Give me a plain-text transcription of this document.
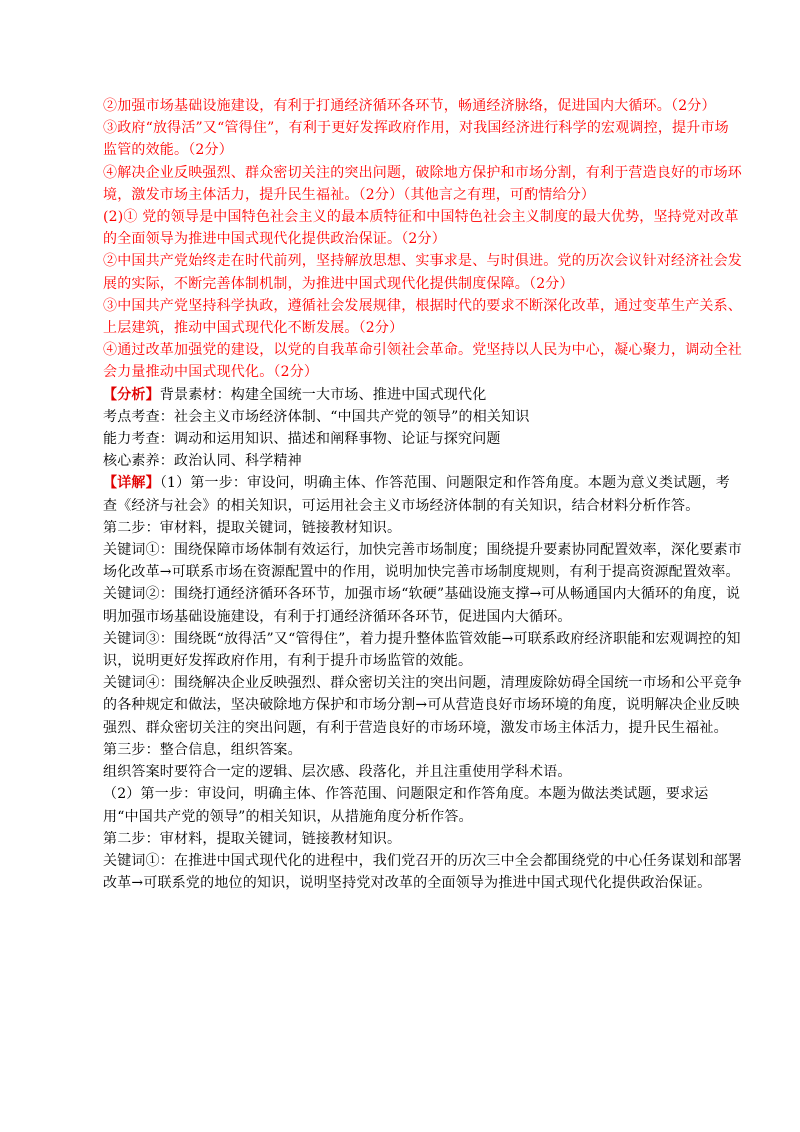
②加强市场基础设施建设，有利于打通经济循环各环节，畅通经济脉络，促进国内大循环。（2分）

③政府“放得活”又“管得住”，有利于更好发挥政府作用，对我国经济进行科学的宏观调控，提升市场监管的效能。（2分）

④解决企业反映强烈、群众密切关注的突出问题，破除地方保护和市场分割，有利于营造良好的市场环境，激发市场主体活力，提升民生福祉。（2分）（其他言之有理，可酌情给分）

(2)① 党的领导是中国特色社会主义的最本质特征和中国特色社会主义制度的最大优势，坚持党对改革的全面领导为推进中国式现代化提供政治保证。（2分）

②中国共产党始终走在时代前列，坚持解放思想、实事求是、与时俱进。党的历次会议针对经济社会发展的实际，不断完善体制机制，为推进中国式现代化提供制度保障。（2分）

③中国共产党坚持科学执政，遵循社会发展规律，根据时代的要求不断深化改革，通过变革生产关系、上层建筑，推动中国式现代化不断发展。（2分）

④通过改革加强党的建设，以党的自我革命引领社会革命。党坚持以人民为中心，凝心聚力，调动全社会力量推动中国式现代化。（2分）

【分析】背景素材：构建全国统一大市场、推进中国式现代化

考点考查：社会主义市场经济体制、“中国共产党的领导”的相关知识

能力考查：调动和运用知识、描述和阐释事物、论证与探究问题

核心素养：政治认同、科学精神

【详解】（1）第一步：审设问，明确主体、作答范围、问题限定和作答角度。本题为意义类试题，考查《经济与社会》的相关知识，可运用社会主义市场经济体制的有关知识，结合材料分析作答。

第二步：审材料，提取关键词，链接教材知识。

关键词①：围绕保障市场体制有效运行，加快完善市场制度；围绕提升要素协同配置效率，深化要素市场化改革→可联系市场在资源配置中的作用，说明加快完善市场制度规则，有利于提高资源配置效率。

关键词②：围绕打通经济循环各环节，加强市场“软硬”基础设施支撑→可从畅通国内大循环的角度，说明加强市场基础设施建设，有利于打通经济循环各环节，促进国内大循环。

关键词③：围绕既“放得活”又“管得住”，着力提升整体监管效能→可联系政府经济职能和宏观调控的知识，说明更好发挥政府作用，有利于提升市场监管的效能。

关键词④：围绕解决企业反映强烈、群众密切关注的突出问题，清理废除妨碍全国统一市场和公平竞争的各种规定和做法，坚决破除地方保护和市场分割→可从营造良好市场环境的角度，说明解决企业反映强烈、群众密切关注的突出问题，有利于营造良好的市场环境，激发市场主体活力，提升民生福祉。

第三步：整合信息，组织答案。

组织答案时要符合一定的逻辑、层次感、段落化，并且注重使用学科术语。

（2）第一步：审设问，明确主体、作答范围、问题限定和作答角度。本题为做法类试题，要求运用“中国共产党的领导”的相关知识，从措施角度分析作答。

第二步：审材料，提取关键词，链接教材知识。

关键词①：在推进中国式现代化的进程中，我们党召开的历次三中全会都围绕党的中心任务谋划和部署改革→可联系党的地位的知识，说明坚持党对改革的全面领导为推进中国式现代化提供政治保证。
